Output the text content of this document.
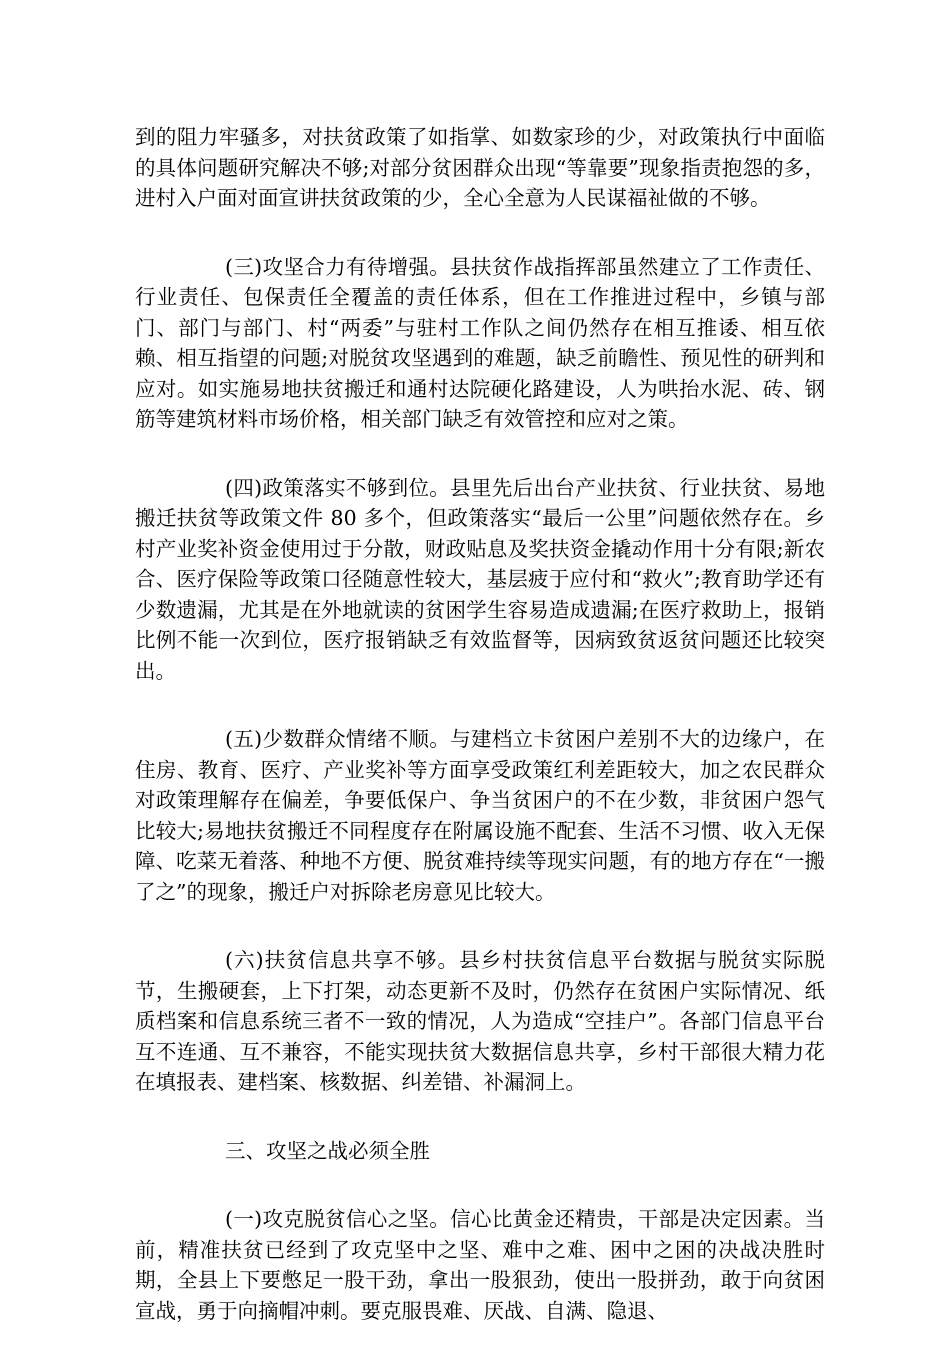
到的阻力牢骚多，对扶贫政策了如指掌、如数家珍的少，对政策执行中面临的具体问题研究解决不够;对部分贫困群众出现“等靠要”现象指责抱怨的多，进村入户面对面宣讲扶贫政策的少，全心全意为人民谋福祉做的不够。

(三)攻坚合力有待增强。县扶贫作战指挥部虽然建立了工作责任、行业责任、包保责任全覆盖的责任体系，但在工作推进过程中，乡镇与部门、部门与部门、村“两委”与驻村工作队之间仍然存在相互推诿、相互依赖、相互指望的问题;对脱贫攻坚遇到的难题，缺乏前瞻性、预见性的研判和应对。如实施易地扶贫搬迁和通村达院硬化路建设，人为哄抬水泥、砖、钢筋等建筑材料市场价格，相关部门缺乏有效管控和应对之策。

(四)政策落实不够到位。县里先后出台产业扶贫、行业扶贫、易地搬迁扶贫等政策文件 80 多个，但政策落实“最后一公里”问题依然存在。乡村产业奖补资金使用过于分散，财政贴息及奖扶资金撬动作用十分有限;新农合、医疗保险等政策口径随意性较大，基层疲于应付和“救火”;教育助学还有少数遗漏，尤其是在外地就读的贫困学生容易造成遗漏;在医疗救助上，报销比例不能一次到位，医疗报销缺乏有效监督等，因病致贫返贫问题还比较突出。

(五)少数群众情绪不顺。与建档立卡贫困户差别不大的边缘户，在住房、教育、医疗、产业奖补等方面享受政策红利差距较大，加之农民群众对政策理解存在偏差，争要低保户、争当贫困户的不在少数，非贫困户怨气比较大;易地扶贫搬迁不同程度存在附属设施不配套、生活不习惯、收入无保障、吃菜无着落、种地不方便、脱贫难持续等现实问题，有的地方存在“一搬了之”的现象，搬迁户对拆除老房意见比较大。

(六)扶贫信息共享不够。县乡村扶贫信息平台数据与脱贫实际脱节，生搬硬套，上下打架，动态更新不及时，仍然存在贫困户实际情况、纸质档案和信息系统三者不一致的情况，人为造成“空挂户”。各部门信息平台互不连通、互不兼容，不能实现扶贫大数据信息共享，乡村干部很大精力花在填报表、建档案、核数据、纠差错、补漏洞上。

三、攻坚之战必须全胜

(一)攻克脱贫信心之坚。信心比黄金还精贵，干部是决定因素。当前，精准扶贫已经到了攻克坚中之坚、难中之难、困中之困的决战决胜时期，全县上下要憋足一股干劲，拿出一股狠劲，使出一股拼劲，敢于向贫困宣战，勇于向摘帽冲刺。要克服畏难、厌战、自满、隐退、
